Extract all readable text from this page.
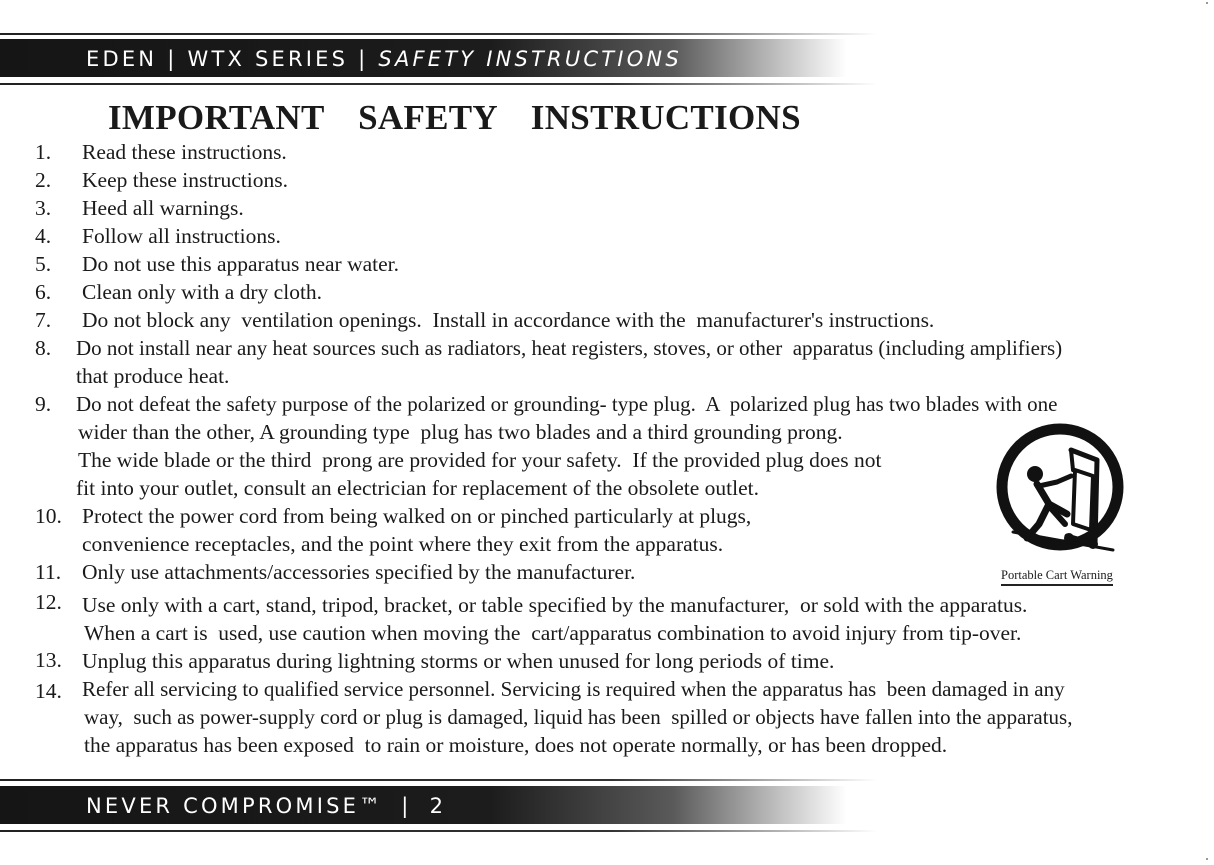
EDEN | WTX SERIES | SAFETY INSTRUCTIONS
IMPORTANT  SAFETY  INSTRUCTIONS
1. Read these instructions.
2. Keep these instructions.
3. Heed all warnings.
4. Follow all instructions.
5. Do not use this apparatus near water.
6. Clean only with a dry cloth.
7. Do not block any  ventilation openings.  Install in accordance with the  manufacturer's instructions.
8. Do not install near any heat sources such as radiators, heat registers, stoves, or other  apparatus (including amplifiers)
that produce heat.
9. Do not defeat the safety purpose of the polarized or grounding- type plug.  A  polarized plug has two blades with one
wider than the other, A grounding type  plug has two blades and a third grounding prong.
The wide blade or the third  prong are provided for your safety.  If the provided plug does not
fit into your outlet, consult an electrician for replacement of the obsolete outlet.
10. Protect the power cord from being walked on or pinched particularly at plugs,
convenience receptacles, and the point where they exit from the apparatus.
11. Only use attachments/accessories specified by the manufacturer.
12. Use only with a cart, stand, tripod, bracket, or table specified by the manufacturer,  or sold with the apparatus.
When a cart is  used, use caution when moving the  cart/apparatus combination to avoid injury from tip-over.
13. Unplug this apparatus during lightning storms or when unused for long periods of time.
14. Refer all servicing to qualified service personnel. Servicing is required when the apparatus has  been damaged in any
way,  such as power-supply cord or plug is damaged, liquid has been  spilled or objects have fallen into the apparatus,
the apparatus has been exposed  to rain or moisture, does not operate normally, or has been dropped.
Portable Cart Warning
NEVER COMPROMISE™ | 2
